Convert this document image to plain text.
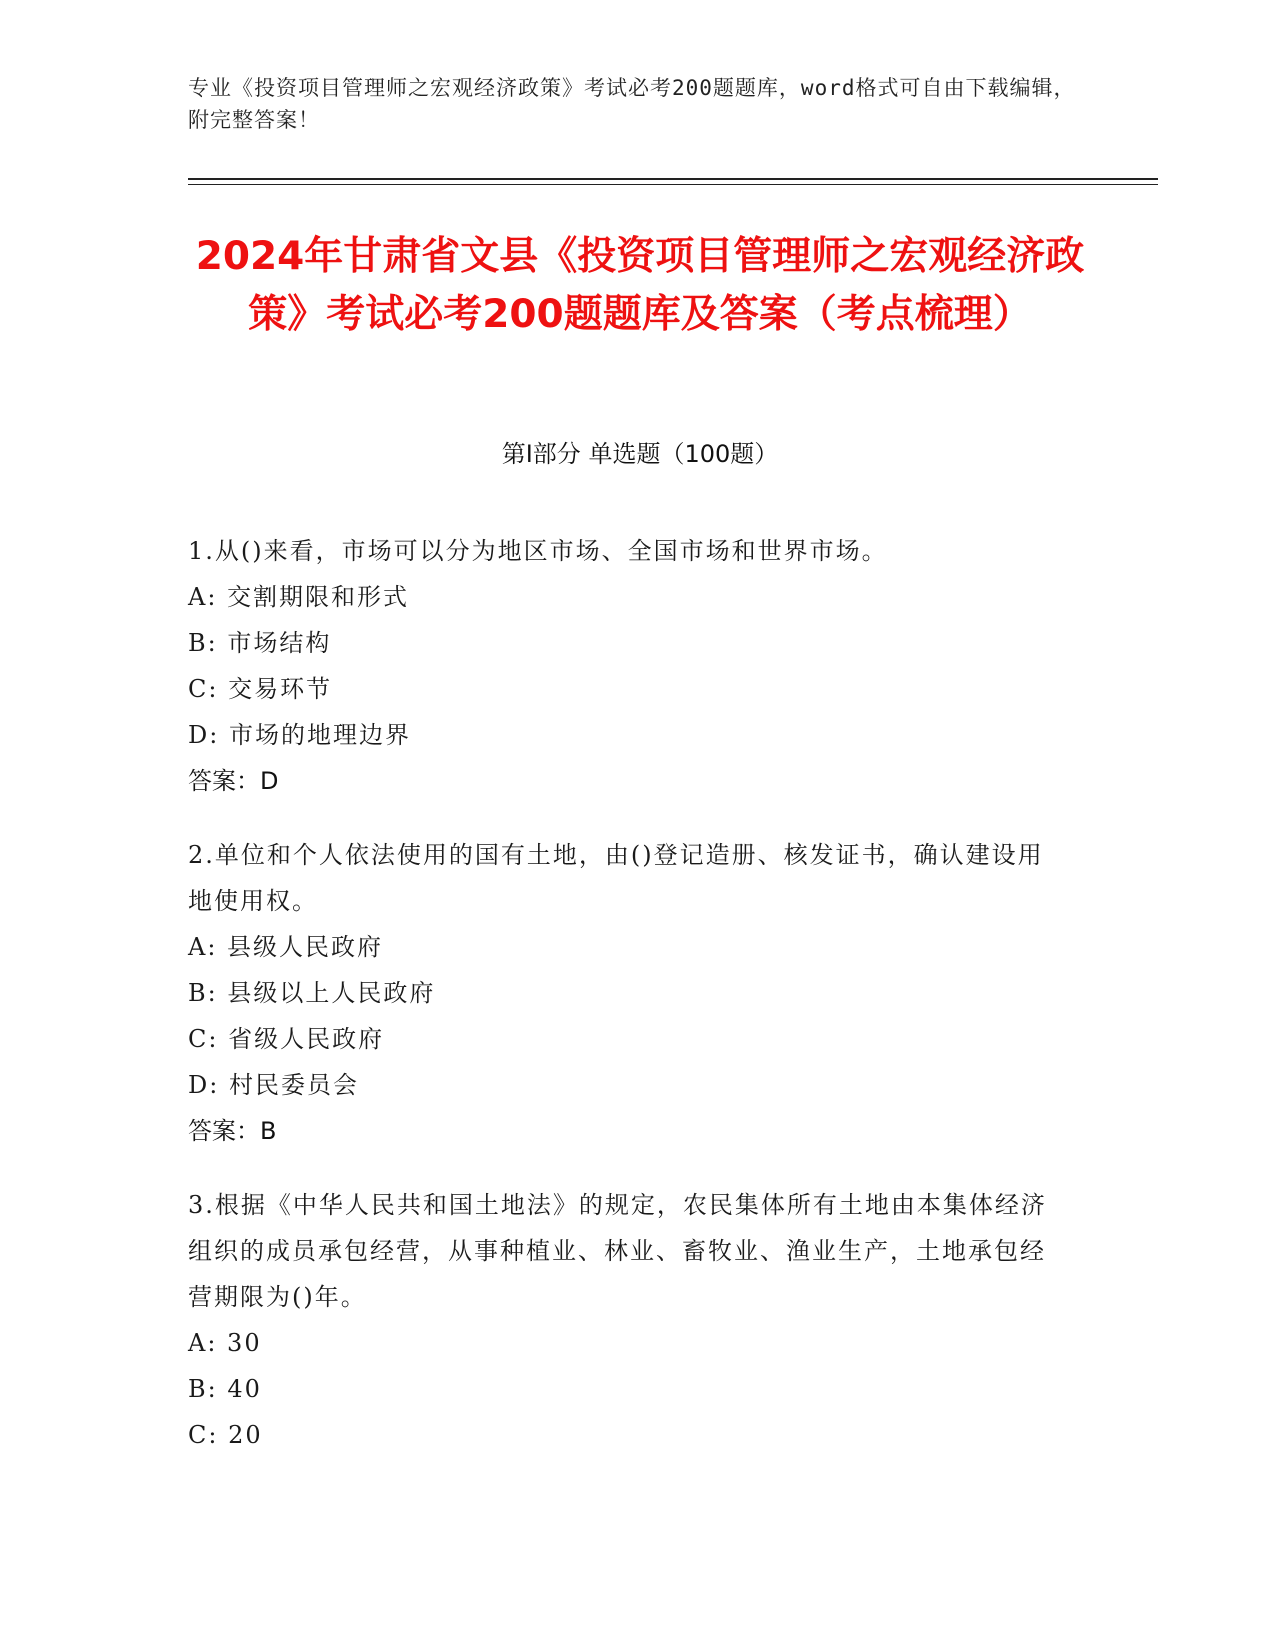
专业《投资项目管理师之宏观经济政策》考试必考200题题库，word格式可自由下载编辑，附完整答案！
2024年甘肃省文县《投资项目管理师之宏观经济政策》考试必考200题题库及答案（考点梳理）
第Ⅰ部分 单选题（100题）
1.从()来看，市场可以分为地区市场、全国市场和世界市场。
A: 交割期限和形式
B: 市场结构
C: 交易环节
D: 市场的地理边界
答案：D
2.单位和个人依法使用的国有土地，由()登记造册、核发证书，确认建设用地使用权。
A: 县级人民政府
B: 县级以上人民政府
C: 省级人民政府
D: 村民委员会
答案：B
3.根据《中华人民共和国土地法》的规定，农民集体所有土地由本集体经济组织的成员承包经营，从事种植业、林业、畜牧业、渔业生产，土地承包经营期限为()年。
A: 30
B: 40
C: 20
